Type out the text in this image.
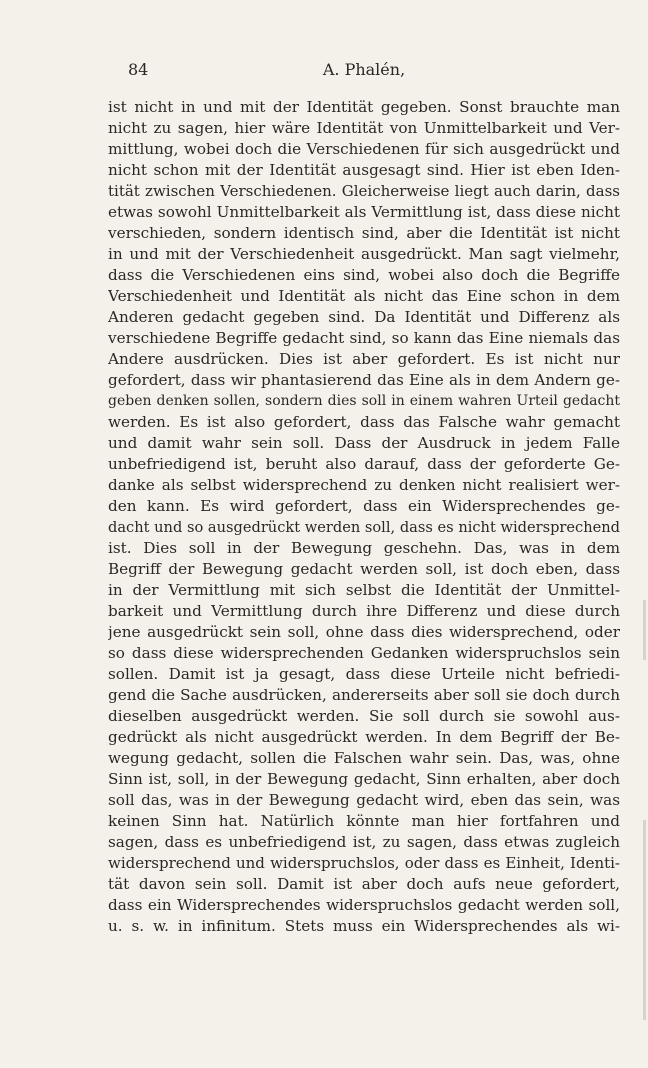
84	A. Phalén,
ist nicht in und mit der Identität gegeben. Sonst brauchte man
nicht zu sagen, hier wäre Identität von Unmittelbarkeit und Ver-
mittlung, wobei doch die Verschiedenen für sich ausgedrückt und
nicht schon mit der Identität ausgesagt sind. Hier ist eben Iden-
tität zwischen Verschiedenen. Gleicherweise liegt auch darin, dass
etwas sowohl Unmittelbarkeit als Vermittlung ist, dass diese nicht
verschieden, sondern identisch sind, aber die Identität ist nicht
in und mit der Verschiedenheit ausgedrückt. Man sagt vielmehr,
dass die Verschiedenen eins sind, wobei also doch die Begriffe
Verschiedenheit und Identität als nicht das Eine schon in dem
Anderen gedacht gegeben sind. Da Identität und Differenz als
verschiedene Begriffe gedacht sind, so kann das Eine niemals das
Andere ausdrücken. Dies ist aber gefordert. Es ist nicht nur
gefordert, dass wir phantasierend das Eine als in dem Andern ge-
geben denken sollen, sondern dies soll in einem wahren Urteil gedacht
werden. Es ist also gefordert, dass das Falsche wahr gemacht
und damit wahr sein soll. Dass der Ausdruck in jedem Falle
unbefriedigend ist, beruht also darauf, dass der geforderte Ge-
danke als selbst widersprechend zu denken nicht realisiert wer-
den kann. Es wird gefordert, dass ein Widersprechendes ge-
dacht und so ausgedrückt werden soll, dass es nicht widersprechend
ist. Dies soll in der Bewegung geschehn. Das, was in dem
Begriff der Bewegung gedacht werden soll, ist doch eben, dass
in der Vermittlung mit sich selbst die Identität der Unmittel-
barkeit und Vermittlung durch ihre Differenz und diese durch
jene ausgedrückt sein soll, ohne dass dies widersprechend, oder
so dass diese widersprechenden Gedanken widerspruchslos sein
sollen. Damit ist ja gesagt, dass diese Urteile nicht befriedi-
gend die Sache ausdrücken, andererseits aber soll sie doch durch
dieselben ausgedrückt werden. Sie soll durch sie sowohl aus-
gedrückt als nicht ausgedrückt werden. In dem Begriff der Be-
wegung gedacht, sollen die Falschen wahr sein. Das, was, ohne
Sinn ist, soll, in der Bewegung gedacht, Sinn erhalten, aber doch
soll das, was in der Bewegung gedacht wird, eben das sein, was
keinen Sinn hat. Natürlich könnte man hier fortfahren und
sagen, dass es unbefriedigend ist, zu sagen, dass etwas zugleich
widersprechend und widerspruchslos, oder dass es Einheit, Identi-
tät davon sein soll. Damit ist aber doch aufs neue gefordert,
dass ein Widersprechendes widerspruchslos gedacht werden soll,
u. s. w. in infinitum. Stets muss ein Widersprechendes als wi-
